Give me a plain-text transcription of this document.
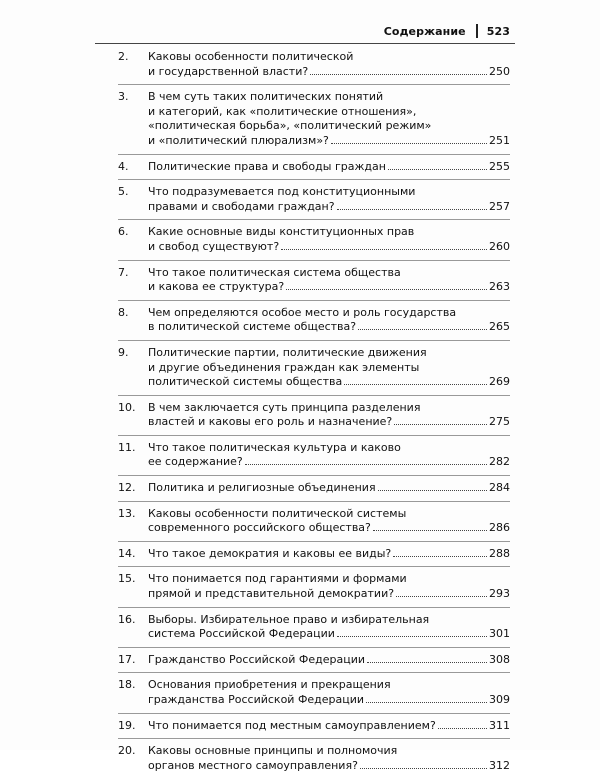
Содержание 523
2.	Каковы особенности политической
и государственной власти?	250
3.	В чем суть таких политических понятий
и категорий, как «политические отношения»,
«политическая борьба», «политический режим»
и «политический плюрализм»?	251
4.	Политические права и свободы граждан	255
5.	Что подразумевается под конституционными
правами и свободами граждан?	257
6.	Какие основные виды конституционных прав
и свобод существуют?	260
7.	Что такое политическая система общества
и какова ее структура?	263
8.	Чем определяются особое место и роль государства
в политической системе общества?	265
9.	Политические партии, политические движения
и другие объединения граждан как элементы
политической системы общества	269
10.	В чем заключается суть принципа разделения
властей и каковы его роль и назначение?	275
11.	Что такое политическая культура и каково
ее содержание?	282
12.	Политика и религиозные объединения	284
13.	Каковы особенности политической системы
современного российского общества?	286
14.	Что такое демократия и каковы ее виды?	288
15.	Что понимается под гарантиями и формами
прямой и представительной демократии?	293
16.	Выборы. Избирательное право и избирательная
система Российской Федерации	301
17.	Гражданство Российской Федерации	308
18.	Основания приобретения и прекращения
гражданства Российской Федерации	309
19.	Что понимается под местным самоуправлением?	311
20.	Каковы основные принципы и полномочия
органов местного самоуправления?	312
